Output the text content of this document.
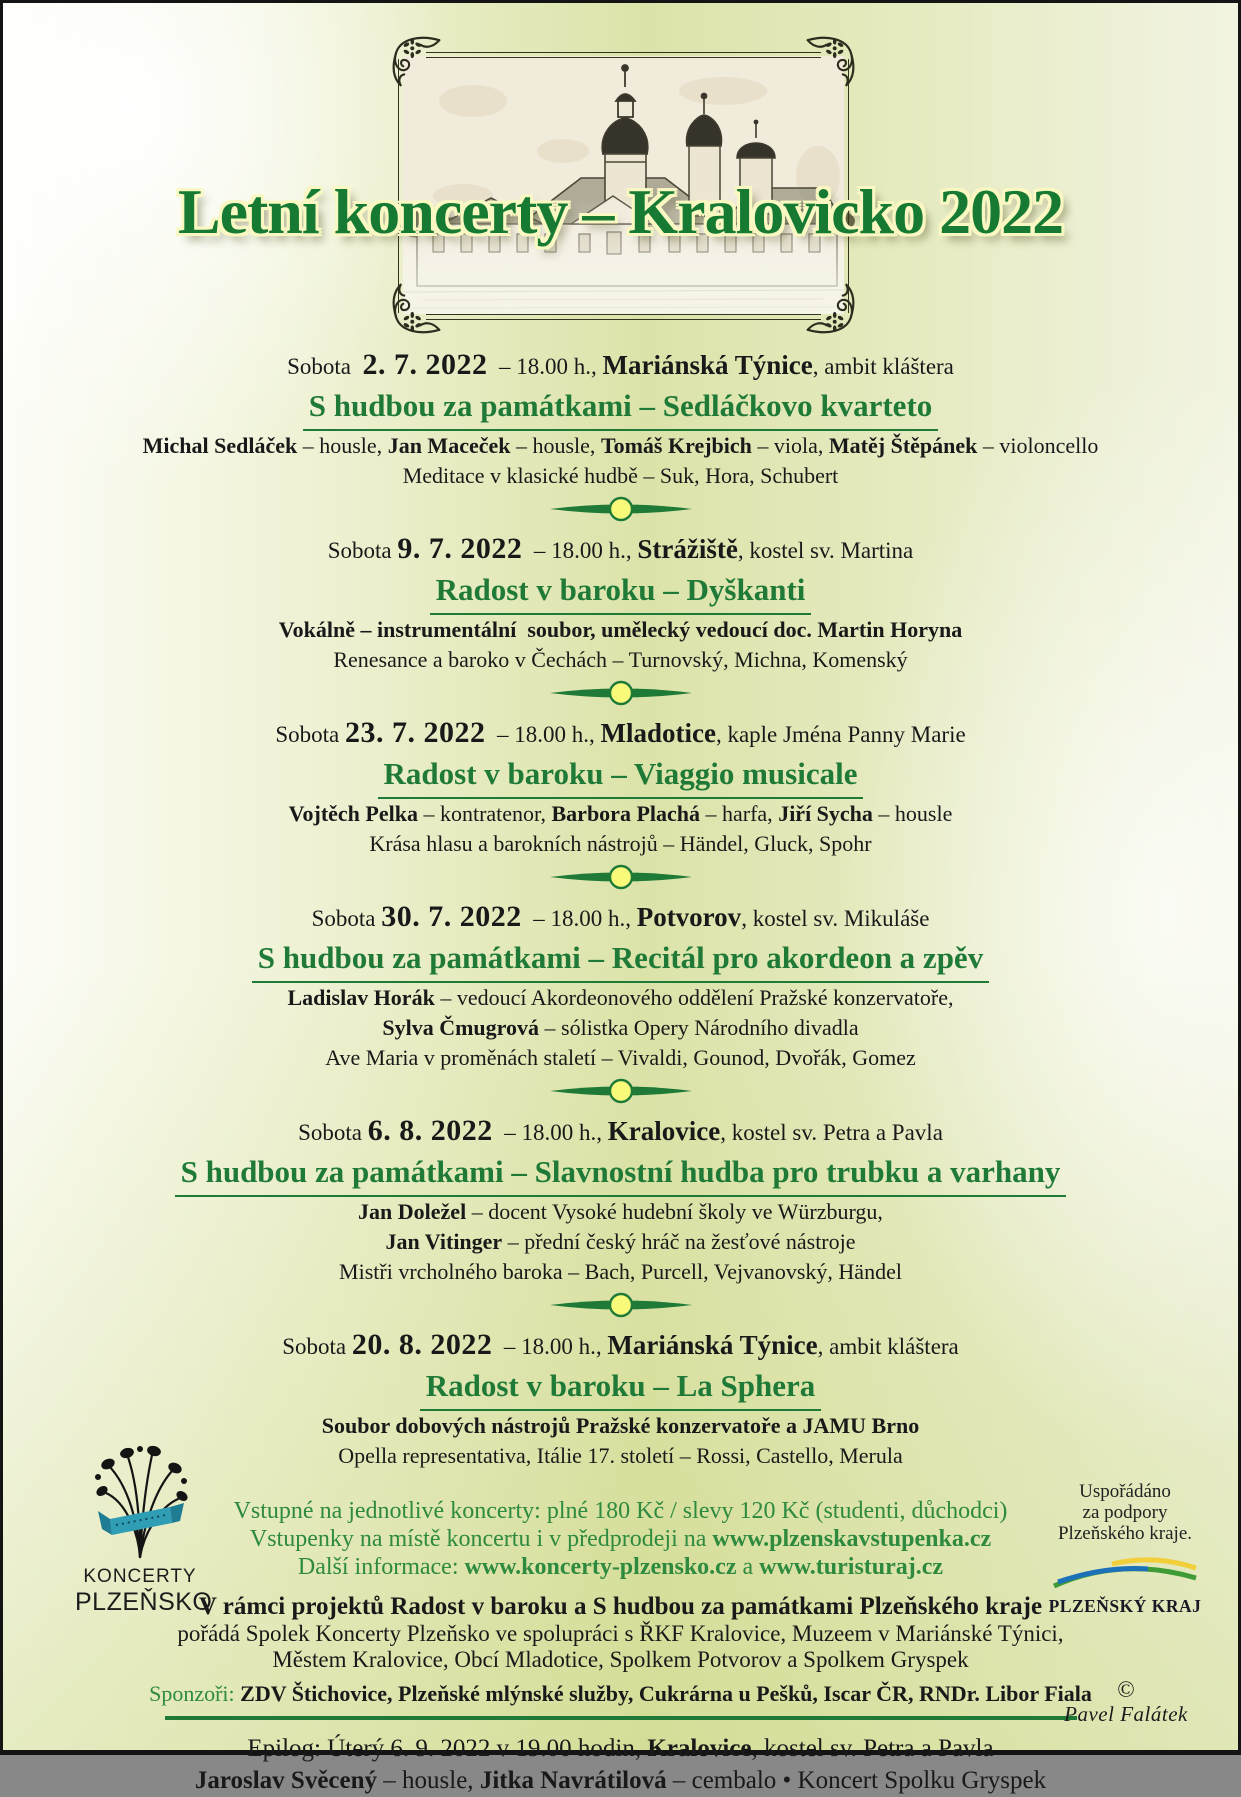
Letní koncerty – Kralovicko 2022
Sobota  2. 7. 2022  – 18.00 h., Mariánská Týnice, ambit kláštera
S hudbou za památkami – Sedláčkovo kvarteto
Michal Sedláček – housle, Jan Maceček – housle, Tomáš Krejbich – viola, Matěj Štěpánek – violoncello
Meditace v klasické hudbě – Suk, Hora, Schubert
Sobota 9. 7. 2022  – 18.00 h., Strážiště, kostel sv. Martina
Radost v baroku – Dyškanti
Vokálně – instrumentální  soubor, umělecký vedoucí doc. Martin Horyna
Renesance a baroko v Čechách – Turnovský, Michna, Komenský
Sobota 23. 7. 2022  – 18.00 h., Mladotice, kaple Jména Panny Marie
Radost v baroku – Viaggio musicale
Vojtěch Pelka – kontratenor, Barbora Plachá – harfa, Jiří Sycha – housle
Krása hlasu a barokních nástrojů – Händel, Gluck, Spohr
Sobota 30. 7. 2022  – 18.00 h., Potvorov, kostel sv. Mikuláše
S hudbou za památkami – Recitál pro akordeon a zpěv
Ladislav Horák – vedoucí Akordeonového oddělení Pražské konzervatoře,
Sylva Čmugrová – sólistka Opery Národního divadla
Ave Maria v proměnách staletí – Vivaldi, Gounod, Dvořák, Gomez
Sobota 6. 8. 2022  – 18.00 h., Kralovice, kostel sv. Petra a Pavla
S hudbou za památkami – Slavnostní hudba pro trubku a varhany
Jan Doležel – docent Vysoké hudební školy ve Würzburgu,
Jan Vitinger – přední český hráč na žesťové nástroje
Mistři vrcholného baroka – Bach, Purcell, Vejvanovský, Händel
Sobota 20. 8. 2022  – 18.00 h., Mariánská Týnice, ambit kláštera
Radost v baroku – La Sphera
Soubor dobových nástrojů Pražské konzervatoře a JAMU Brno
Opella representativa, Itálie 17. století – Rossi, Castello, Merula
Vstupné na jednotlivé koncerty: plné 180 Kč / slevy 120 Kč (studenti, důchodci)
Vstupenky na místě koncertu i v předprodeji na www.plzenskavstupenka.cz
Další informace: www.koncerty-plzensko.cz a www.turisturaj.cz
V rámci projektů Radost v baroku a S hudbou za památkami Plzeňského kraje
pořádá Spolek Koncerty Plzeňsko ve spolupráci s ŘKF Kralovice, Muzeem v Mariánské Týnici,
Městem Kralovice, Obcí Mladotice, Spolkem Potvorov a Spolkem Gryspek
Sponzoři: ZDV Štichovice, Plzeňské mlýnské služby, Cukrárna u Pešků, Iscar ČR, RNDr. Libor Fiala
Epilog: Úterý 6. 9. 2022 v 19.00 hodin, Kralovice, kostel sv. Petra a Pavla
Jaroslav Svěcený – housle, Jitka Navrátilová – cembalo • Koncert Spolku Gryspek
KONCERTY
PLZEŇSKO
Uspořádáno
za podpory
Plzeňského kraje.
PLZEŇSKÝ KRAJ
©
Pavel Falátek
